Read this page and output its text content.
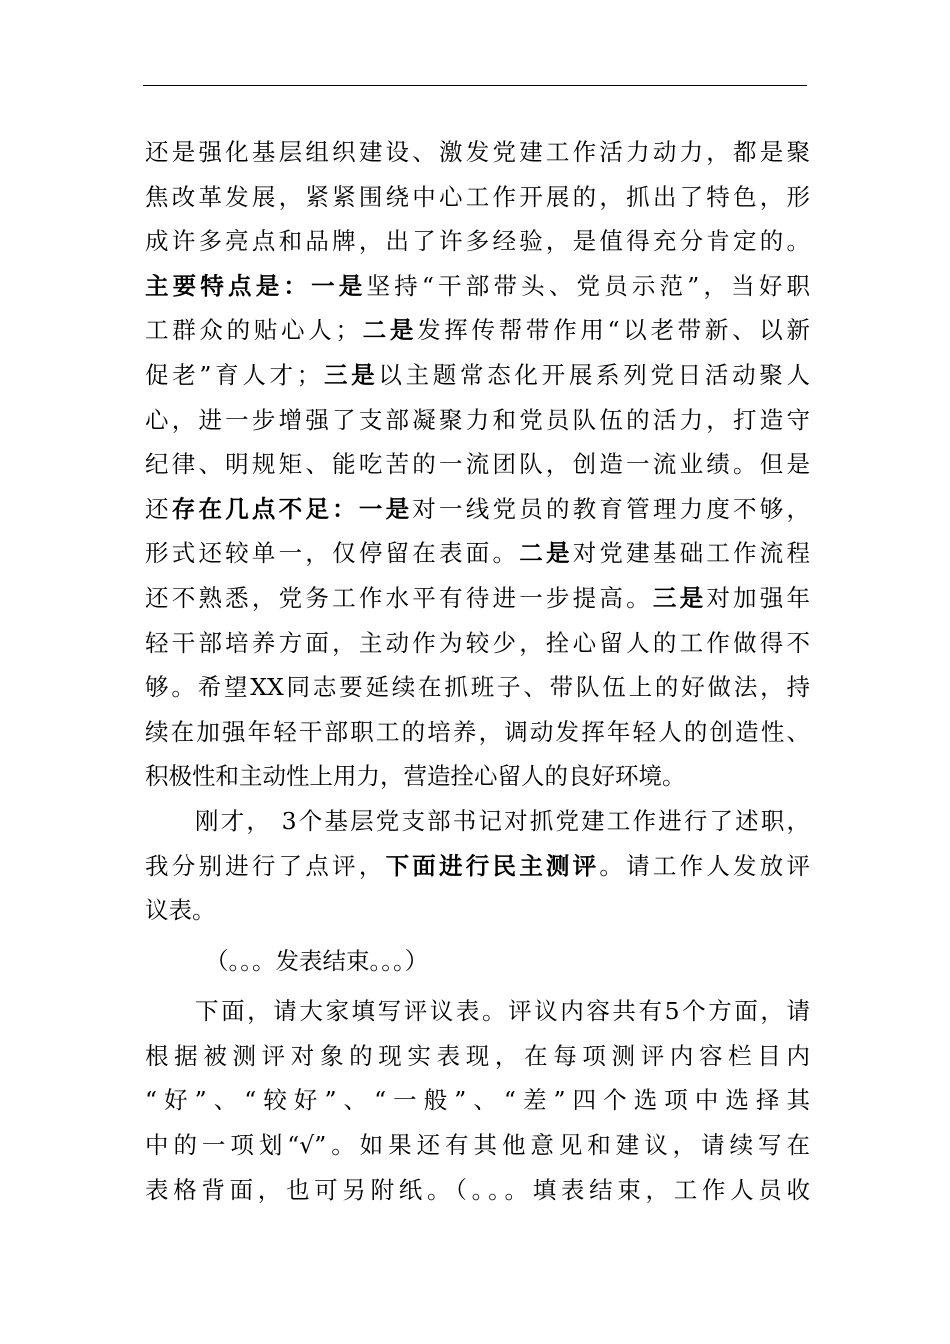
还是强化基层组织建设、激发党建工作活力动力，都是聚
焦改革发展，紧紧围绕中心工作开展的，抓出了特色，形
成许多亮点和品牌，出了许多经验，是值得充分肯定的。
主要特点是：一是坚持“干部带头、党员示范”，当好职
工群众的贴心人；二是发挥传帮带作用“以老带新、以新
促老”育人才；三是以主题常态化开展系列党日活动聚人
心，进一步增强了支部凝聚力和党员队伍的活力，打造守
纪律、明规矩、能吃苦的一流团队，创造一流业绩。但是
还存在几点不足：一是对一线党员的教育管理力度不够，
形式还较单一，仅停留在表面。二是对党建基础工作流程
还不熟悉，党务工作水平有待进一步提高。三是对加强年
轻干部培养方面，主动作为较少，拴心留人的工作做得不
够。希望XX同志要延续在抓班子、带队伍上的好做法，持
续在加强年轻干部职工的培养，调动发挥年轻人的创造性、
积极性和主动性上用力，营造拴心留人的良好环境。
刚才， 3个基层党支部书记对抓党建工作进行了述职，
我分别进行了点评，下面进行民主测评。请工作人发放评
议表。
（。。。发表结束。。。）
下面，请大家填写评议表。评议内容共有5个方面，请
根据被测评对象的现实表现，在每项测评内容栏目内
“好”、“较好”、“一般”、“差”四个选项中选择其
中的一项划“√”。如果还有其他意见和建议，请续写在
表格背面，也可另附纸。（。。。填表结束，工作人员收
